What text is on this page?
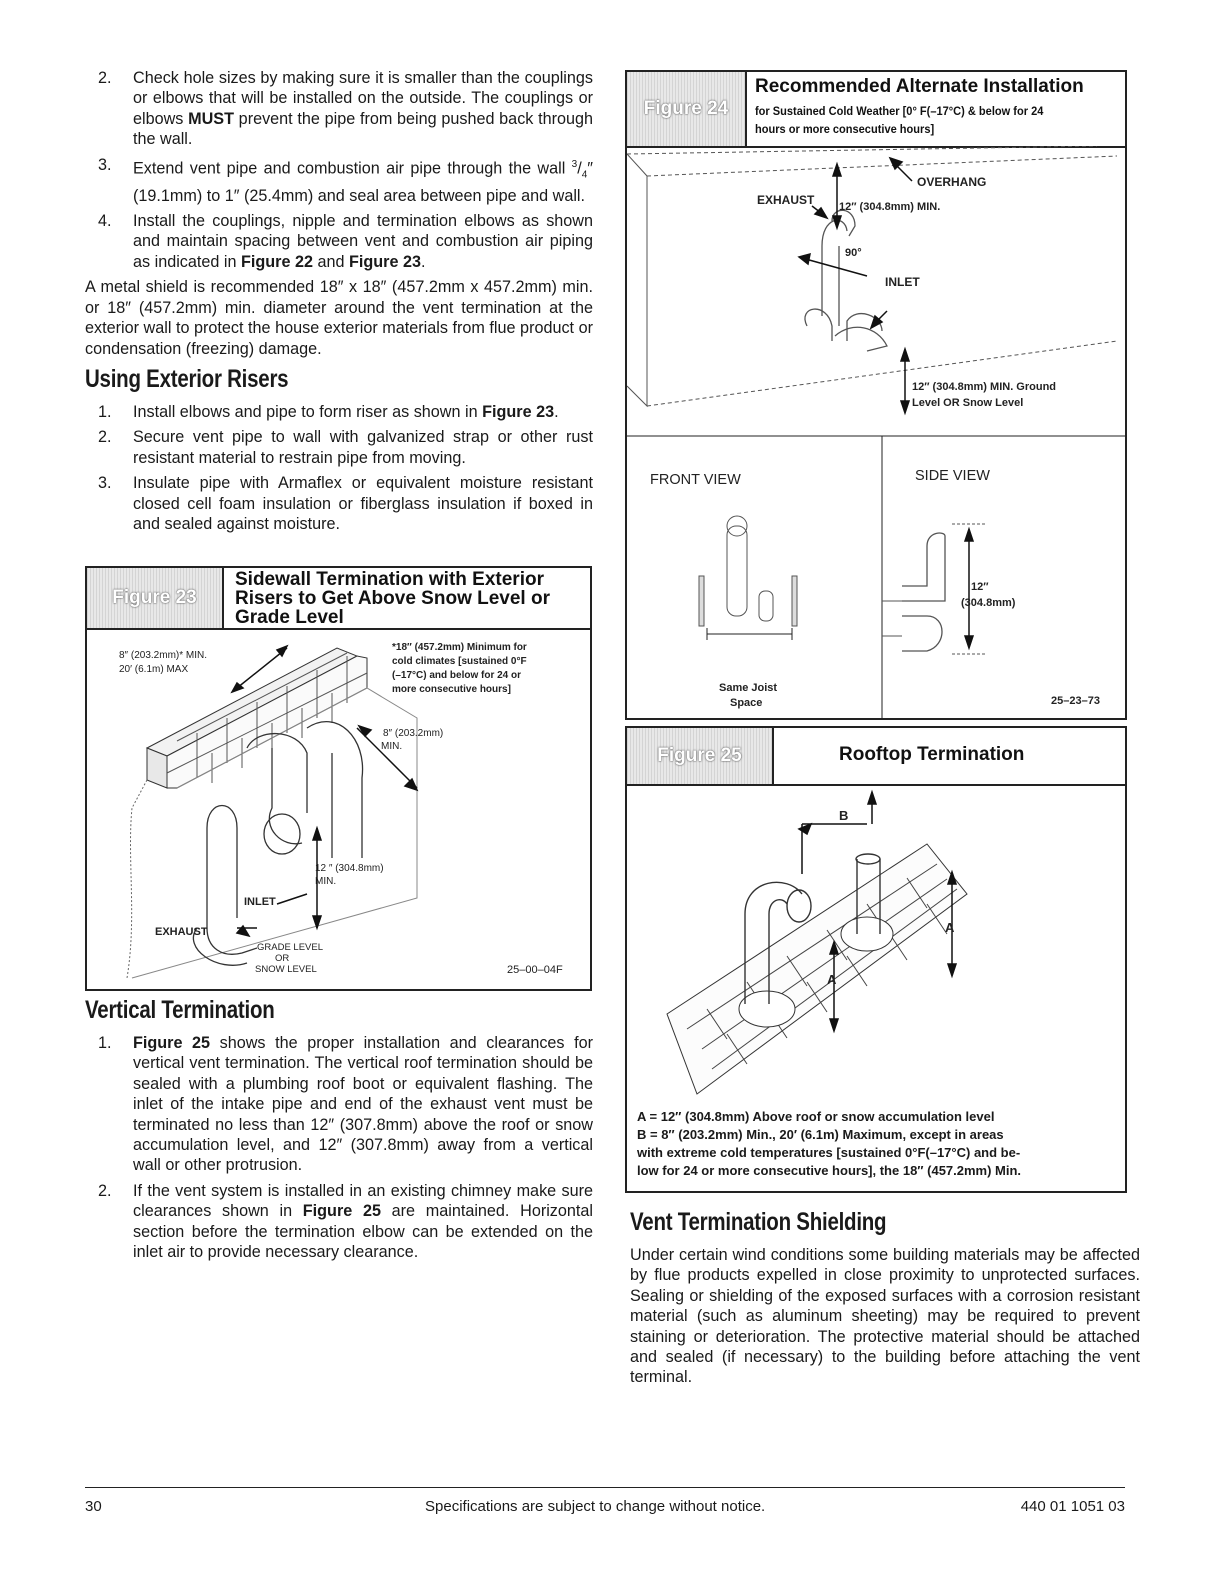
2. Check hole sizes by making sure it is smaller than the couplings or elbows that will be installed on the outside. The couplings or elbows MUST prevent the pipe from being pushed back through the wall.
3. Extend vent pipe and combustion air pipe through the wall $^3/_4''$ (19.1mm) to 1″ (25.4mm) and seal area between pipe and wall.
4. Install the couplings, nipple and termination elbows as shown and maintain spacing between vent and combustion air piping as indicated in Figure 22 and Figure 23.

A metal shield is recommended 18″ x 18″ (457.2mm x 457.2mm) min. or 18″ (457.2mm) min. diameter around the vent termination at the exterior wall to protect the house exterior materials from flue product or condensation (freezing) damage.

Using Exterior Risers
1. Install elbows and pipe to form riser as shown in Figure 23.
2. Secure vent pipe to wall with galvanized strap or other rust resistant material to restrain pipe from moving.
3. Insulate pipe with Armaflex or equivalent moisture resistant closed cell foam insulation or fiberglass insulation if boxed in and sealed against moisture.
Figure 23
Sidewall Termination with Exterior Risers to Get Above Snow Level or Grade Level
8″ (203.2mm)* MIN.
20′ (6.1m) MAX
*18″ (457.2mm) Minimum for
cold climates [sustained 0°F
(–17°C) and below for 24 or
more consecutive hours]
8″ (203.2mm)
MIN.
12 ″ (304.8mm)
MIN.
INLET
EXHAUST
GRADE LEVEL
OR
SNOW LEVEL	25–00–04F
Vertical Termination
1. Figure 25 shows the proper installation and clearances for vertical vent termination. The vertical roof termination should be sealed with a plumbing roof boot or equivalent flashing. The inlet of the intake pipe and end of the exhaust vent must be terminated no less than 12″ (307.8mm) above the roof or snow accumulation level, and 12″ (307.8mm) away from a vertical wall or other protrusion.
2. If the vent system is installed in an existing chimney make sure clearances shown in Figure 25 are maintained. Horizontal section before the termination elbow can be extended on the inlet air to provide necessary clearance.
Figure 24
Recommended Alternate Installation
for Sustained Cold Weather [0° F(–17°C) & below for 24 hours or more consecutive hours]
OVERHANG
EXHAUST 12″ (304.8mm) MIN.
90°
INLET
12″ (304.8mm) MIN. Ground
Level OR Snow Level
FRONT VIEW	SIDE VIEW
Same Joist
Space
12″
(304.8mm)
25–23–73
Figure 25	Rooftop Termination
B
A
A
A = 12″ (304.8mm) Above roof or snow accumulation level
B = 8″ (203.2mm) Min., 20′ (6.1m) Maximum, except in areas
with extreme cold temperatures [sustained 0°F(–17°C) and be-
low for 24 or more consecutive hours], the 18″ (457.2mm) Min.
Vent Termination Shielding

Under certain wind conditions some building materials may be affected by flue products expelled in close proximity to unprotected surfaces. Sealing or shielding of the exposed surfaces with a corrosion resistant material (such as aluminum sheeting) may be required to prevent staining or deterioration. The protective material should be attached and sealed (if necessary) to the building before attaching the vent terminal.

30	Specifications are subject to change without notice.	440 01 1051 03
